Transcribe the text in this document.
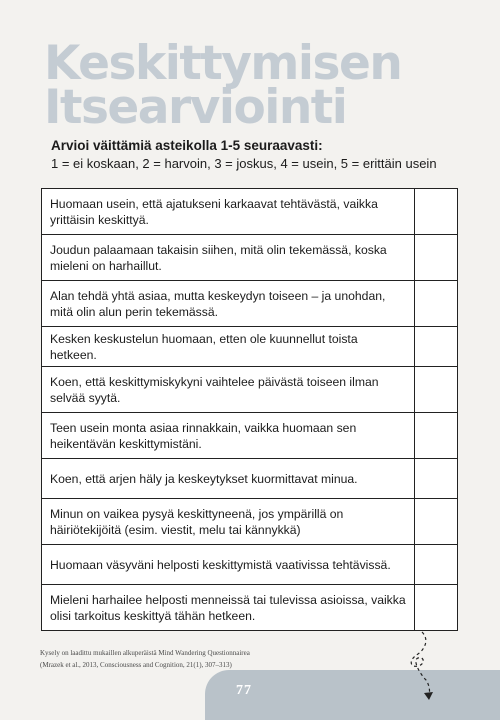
Keskittymisen
Itsearviointi
Arvioi väittämiä asteikolla 1-5 seuraavasti:
1 = ei koskaan, 2 = harvoin, 3 = joskus, 4 = usein, 5 = erittäin usein
Huomaan usein, että ajatukseni karkaavat tehtävästä, vaikka yrittäisin keskittyä.	
Joudun palaamaan takaisin siihen, mitä olin tekemässä, koska mieleni on harhaillut.	
Alan tehdä yhtä asiaa, mutta keskeydyn toiseen – ja unohdan, mitä olin alun perin tekemässä.	
Kesken keskustelun huomaan, etten ole kuunnellut toista hetkeen.	
Koen, että keskittymiskykyni vaihtelee päivästä toiseen ilman selvää syytä.	
Teen usein monta asiaa rinnakkain, vaikka huomaan sen heikentävän keskittymistäni.	
Koen, että arjen häly ja keskeytykset kuormittavat minua.	
Minun on vaikea pysyä keskittyneenä, jos ympärillä on häiriötekijöitä (esim. viestit, melu tai kännykkä)	
Huomaan väsyväni helposti keskittymistä vaativissa tehtävissä.	
Mieleni harhailee helposti menneissä tai tulevissa asioissa, vaikka olisi tarkoitus keskittyä tähän hetkeen.	
Kysely on laadittu mukaillen alkuperäistä Mind Wandering Questionnairea
(Mrazek et al., 2013, Consciousness and Cognition, 21(1), 307–313)
77
